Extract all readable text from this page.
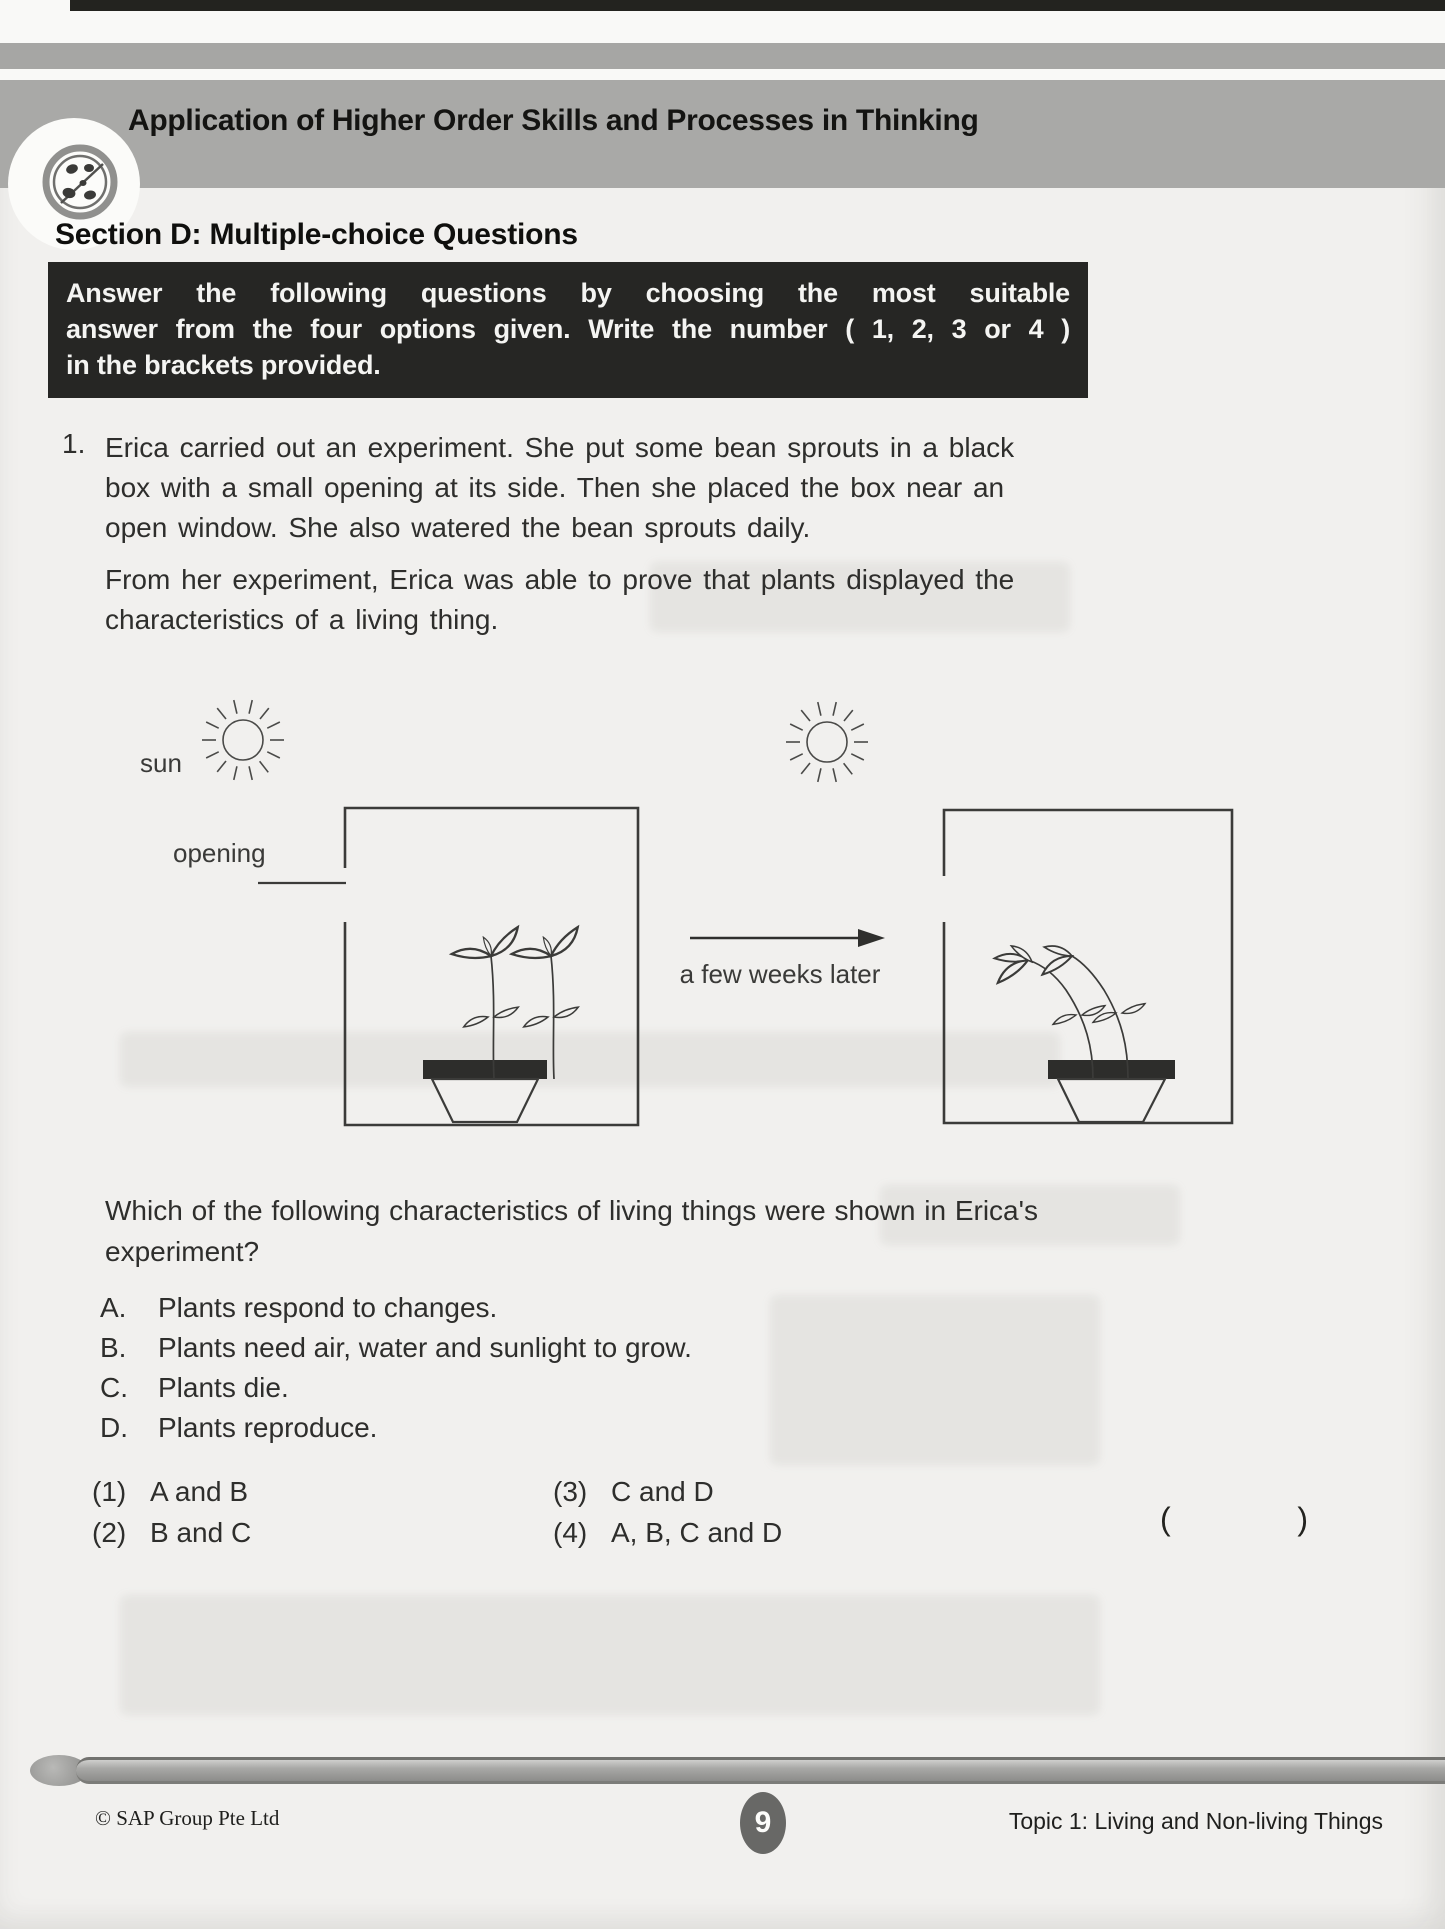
Application of Higher Order Skills and Processes in Thinking
Section D: Multiple-choice Questions
Answer the following questions by choosing the most suitable
answer from the four options given. Write the number ( 1, 2, 3 or 4 )
in the brackets provided.
1. Erica carried out an experiment. She put some bean sprouts in a black
box with a small opening at its side. Then she placed the box near an
open window. She also watered the bean sprouts daily.
From her experiment, Erica was able to prove that plants displayed the
characteristics of a living thing.
sun
opening
a few weeks later
Which of the following characteristics of living things were shown in Erica's
experiment?
A.	Plants respond to changes.
B.	Plants need air, water and sunlight to grow.
C.	Plants die.
D.	Plants reproduce.
(1) A and B
(2) B and C
(3) C and D
(4) A, B, C and D	(	)
© SAP Group Pte Ltd	9	Topic 1: Living and Non-living Things
